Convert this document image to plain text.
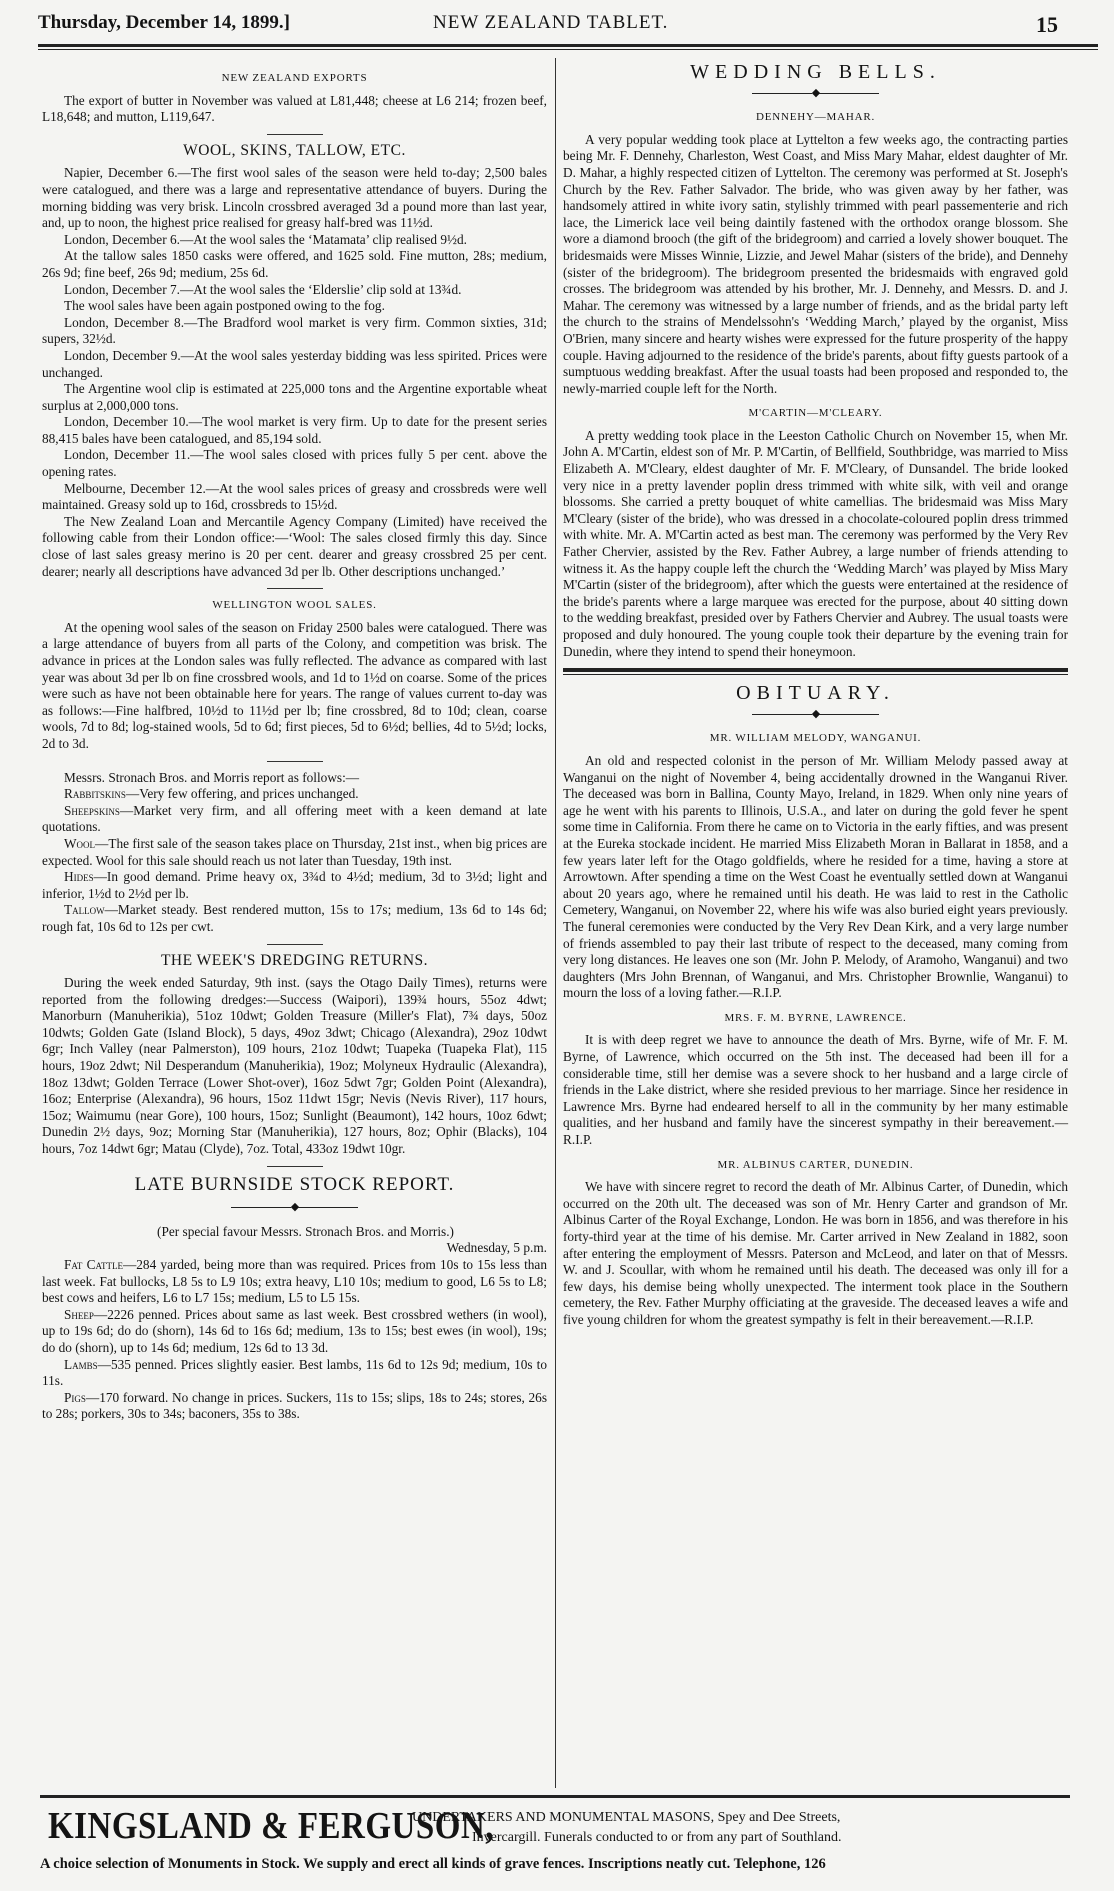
Thursday, December 14, 1899.]	NEW ZEALAND TABLET.	15
NEW ZEALAND EXPORTS

The export of butter in November was valued at L81,448; cheese at L6 214; frozen beef, L18,648; and mutton, L119,647.

WOOL, SKINS, TALLOW, ETC.

Napier, December 6.—The first wool sales of the season were held to-day; 2,500 bales were catalogued, and there was a large and representative attendance of buyers. During the morning bidding was very brisk. Lincoln crossbred averaged 3d a pound more than last year, and, up to noon, the highest price realised for greasy half-bred was 11½d.

London, December 6.—At the wool sales the ‘Matamata’ clip realised 9½d.

At the tallow sales 1850 casks were offered, and 1625 sold. Fine mutton, 28s; medium, 26s 9d; fine beef, 26s 9d; medium, 25s 6d.

London, December 7.—At the wool sales the ‘Elderslie’ clip sold at 13¾d.

The wool sales have been again postponed owing to the fog.

London, December 8.—The Bradford wool market is very firm. Common sixties, 31d; supers, 32½d.

London, December 9.—At the wool sales yesterday bidding was less spirited. Prices were unchanged.

The Argentine wool clip is estimated at 225,000 tons and the Argentine exportable wheat surplus at 2,000,000 tons.

London, December 10.—The wool market is very firm. Up to date for the present series 88,415 bales have been catalogued, and 85,194 sold.

London, December 11.—The wool sales closed with prices fully 5 per cent. above the opening rates.

Melbourne, December 12.—At the wool sales prices of greasy and crossbreds were well maintained. Greasy sold up to 16d, crossbreds to 15½d.

The New Zealand Loan and Mercantile Agency Company (Limited) have received the following cable from their London office:—‘Wool: The sales closed firmly this day. Since close of last sales greasy merino is 20 per cent. dearer and greasy crossbred 25 per cent. dearer; nearly all descriptions have advanced 3d per lb. Other descriptions unchanged.’

WELLINGTON WOOL SALES.

At the opening wool sales of the season on Friday 2500 bales were catalogued. There was a large attendance of buyers from all parts of the Colony, and competition was brisk. The advance in prices at the London sales was fully reflected. The advance as compared with last year was about 3d per lb on fine crossbred wools, and 1d to 1½d on coarse. Some of the prices were such as have not been obtainable here for years. The range of values current to-day was as follows:—Fine halfbred, 10½d to 11½d per lb; fine crossbred, 8d to 10d; clean, coarse wools, 7d to 8d; log-stained wools, 5d to 6d; first pieces, 5d to 6½d; bellies, 4d to 5½d; locks, 2d to 3d.

Messrs. Stronach Bros. and Morris report as follows:—

Rabbitskins—Very few offering, and prices unchanged.

Sheepskins—Market very firm, and all offering meet with a keen demand at late quotations.

Wool—The first sale of the season takes place on Thursday, 21st inst., when big prices are expected. Wool for this sale should reach us not later than Tuesday, 19th inst.

Hides—In good demand. Prime heavy ox, 3¾d to 4½d; medium, 3d to 3½d; light and inferior, 1½d to 2½d per lb.

Tallow—Market steady. Best rendered mutton, 15s to 17s; medium, 13s 6d to 14s 6d; rough fat, 10s 6d to 12s per cwt.

THE WEEK'S DREDGING RETURNS.

During the week ended Saturday, 9th inst. (says the Otago Daily Times), returns were reported from the following dredges:—Success (Waipori), 139¾ hours, 55oz 4dwt; Manorburn (Manuherikia), 51oz 10dwt; Golden Treasure (Miller's Flat), 7¾ days, 50oz 10dwts; Golden Gate (Island Block), 5 days, 49oz 3dwt; Chicago (Alexandra), 29oz 10dwt 6gr; Inch Valley (near Palmerston), 109 hours, 21oz 10dwt; Tuapeka (Tuapeka Flat), 115 hours, 19oz 2dwt; Nil Desperandum (Manuherikia), 19oz; Molyneux Hydraulic (Alexandra), 18oz 13dwt; Golden Terrace (Lower Shot-over), 16oz 5dwt 7gr; Golden Point (Alexandra), 16oz; Enterprise (Alexandra), 96 hours, 15oz 11dwt 15gr; Nevis (Nevis River), 117 hours, 15oz; Waimumu (near Gore), 100 hours, 15oz; Sunlight (Beaumont), 142 hours, 10oz 6dwt; Dunedin 2½ days, 9oz; Morning Star (Manuherikia), 127 hours, 8oz; Ophir (Blacks), 104 hours, 7oz 14dwt 6gr; Matau (Clyde), 7oz. Total, 433oz 19dwt 10gr.

LATE BURNSIDE STOCK REPORT.
◆

(Per special favour Messrs. Stronach Bros. and Morris.)

Wednesday, 5 p.m.

Fat Cattle—284 yarded, being more than was required. Prices from 10s to 15s less than last week. Fat bullocks, L8 5s to L9 10s; extra heavy, L10 10s; medium to good, L6 5s to L8; best cows and heifers, L6 to L7 15s; medium, L5 to L5 15s.

Sheep—2226 penned. Prices about same as last week. Best crossbred wethers (in wool), up to 19s 6d; do do (shorn), 14s 6d to 16s 6d; medium, 13s to 15s; best ewes (in wool), 19s; do do (shorn), up to 14s 6d; medium, 12s 6d to 13 3d.

Lambs—535 penned. Prices slightly easier. Best lambs, 11s 6d to 12s 9d; medium, 10s to 11s.

Pigs—170 forward. No change in prices. Suckers, 11s to 15s; slips, 18s to 24s; stores, 26s to 28s; porkers, 30s to 34s; baconers, 35s to 38s.

WEDDING BELLS.
◆
DENNEHY—MAHAR.

A very popular wedding took place at Lyttelton a few weeks ago, the contracting parties being Mr. F. Dennehy, Charleston, West Coast, and Miss Mary Mahar, eldest daughter of Mr. D. Mahar, a highly respected citizen of Lyttelton. The ceremony was performed at St. Joseph's Church by the Rev. Father Salvador. The bride, who was given away by her father, was handsomely attired in white ivory satin, stylishly trimmed with pearl passementerie and rich lace, the Limerick lace veil being daintily fastened with the orthodox orange blossom. She wore a diamond brooch (the gift of the bridegroom) and carried a lovely shower bouquet. The bridesmaids were Misses Winnie, Lizzie, and Jewel Mahar (sisters of the bride), and Dennehy (sister of the bridegroom). The bridegroom presented the bridesmaids with engraved gold crosses. The bridegroom was attended by his brother, Mr. J. Dennehy, and Messrs. D. and J. Mahar. The ceremony was witnessed by a large number of friends, and as the bridal party left the church to the strains of Mendelssohn's ‘Wedding March,’ played by the organist, Miss O'Brien, many sincere and hearty wishes were expressed for the future prosperity of the happy couple. Having adjourned to the residence of the bride's parents, about fifty guests partook of a sumptuous wedding breakfast. After the usual toasts had been proposed and responded to, the newly-married couple left for the North.

M'CARTIN—M'CLEARY.

A pretty wedding took place in the Leeston Catholic Church on November 15, when Mr. John A. M'Cartin, eldest son of Mr. P. M'Cartin, of Bellfield, Southbridge, was married to Miss Elizabeth A. M'Cleary, eldest daughter of Mr. F. M'Cleary, of Dunsandel. The bride looked very nice in a pretty lavender poplin dress trimmed with white silk, with veil and orange blossoms. She carried a pretty bouquet of white camellias. The bridesmaid was Miss Mary M'Cleary (sister of the bride), who was dressed in a chocolate-coloured poplin dress trimmed with white. Mr. A. M'Cartin acted as best man. The ceremony was performed by the Very Rev Father Chervier, assisted by the Rev. Father Aubrey, a large number of friends attending to witness it. As the happy couple left the church the ‘Wedding March’ was played by Miss Mary M'Cartin (sister of the bridegroom), after which the guests were entertained at the residence of the bride's parents where a large marquee was erected for the purpose, about 40 sitting down to the wedding breakfast, presided over by Fathers Chervier and Aubrey. The usual toasts were proposed and duly honoured. The young couple took their departure by the evening train for Dunedin, where they intend to spend their honeymoon.

OBITUARY.
◆
MR. WILLIAM MELODY, WANGANUI.

An old and respected colonist in the person of Mr. William Melody passed away at Wanganui on the night of November 4, being accidentally drowned in the Wanganui River. The deceased was born in Ballina, County Mayo, Ireland, in 1829. When only nine years of age he went with his parents to Illinois, U.S.A., and later on during the gold fever he spent some time in California. From there he came on to Victoria in the early fifties, and was present at the Eureka stockade incident. He married Miss Elizabeth Moran in Ballarat in 1858, and a few years later left for the Otago goldfields, where he resided for a time, having a store at Arrowtown. After spending a time on the West Coast he eventually settled down at Wanganui about 20 years ago, where he remained until his death. He was laid to rest in the Catholic Cemetery, Wanganui, on November 22, where his wife was also buried eight years previously. The funeral ceremonies were conducted by the Very Rev Dean Kirk, and a very large number of friends assembled to pay their last tribute of respect to the deceased, many coming from very long distances. He leaves one son (Mr. John P. Melody, of Aramoho, Wanganui) and two daughters (Mrs John Brennan, of Wanganui, and Mrs. Christopher Brownlie, Wanganui) to mourn the loss of a loving father.—R.I.P.

MRS. F. M. BYRNE, LAWRENCE.

It is with deep regret we have to announce the death of Mrs. Byrne, wife of Mr. F. M. Byrne, of Lawrence, which occurred on the 5th inst. The deceased had been ill for a considerable time, still her demise was a severe shock to her husband and a large circle of friends in the Lake district, where she resided previous to her marriage. Since her residence in Lawrence Mrs. Byrne had endeared herself to all in the community by her many estimable qualities, and her husband and family have the sincerest sympathy in their bereavement.—R.I.P.

MR. ALBINUS CARTER, DUNEDIN.

We have with sincere regret to record the death of Mr. Albinus Carter, of Dunedin, which occurred on the 20th ult. The deceased was son of Mr. Henry Carter and grandson of Mr. Albinus Carter of the Royal Exchange, London. He was born in 1856, and was therefore in his forty-third year at the time of his demise. Mr. Carter arrived in New Zealand in 1882, soon after entering the employment of Messrs. Paterson and McLeod, and later on that of Messrs. W. and J. Scoullar, with whom he remained until his death. The deceased was only ill for a few days, his demise being wholly unexpected. The interment took place in the Southern cemetery, the Rev. Father Murphy officiating at the graveside. The deceased leaves a wife and five young children for whom the greatest sympathy is felt in their bereavement.—R.I.P.

KINGSLAND & FERGUSON,
UNDERTAKERS AND MONUMENTAL MASONS, Spey and Dee Streets,
Invercargill. Funerals conducted to or from any part of Southland.
A choice selection of Monuments in Stock. We supply and erect all kinds of grave fences. Inscriptions neatly cut. Telephone, 126
